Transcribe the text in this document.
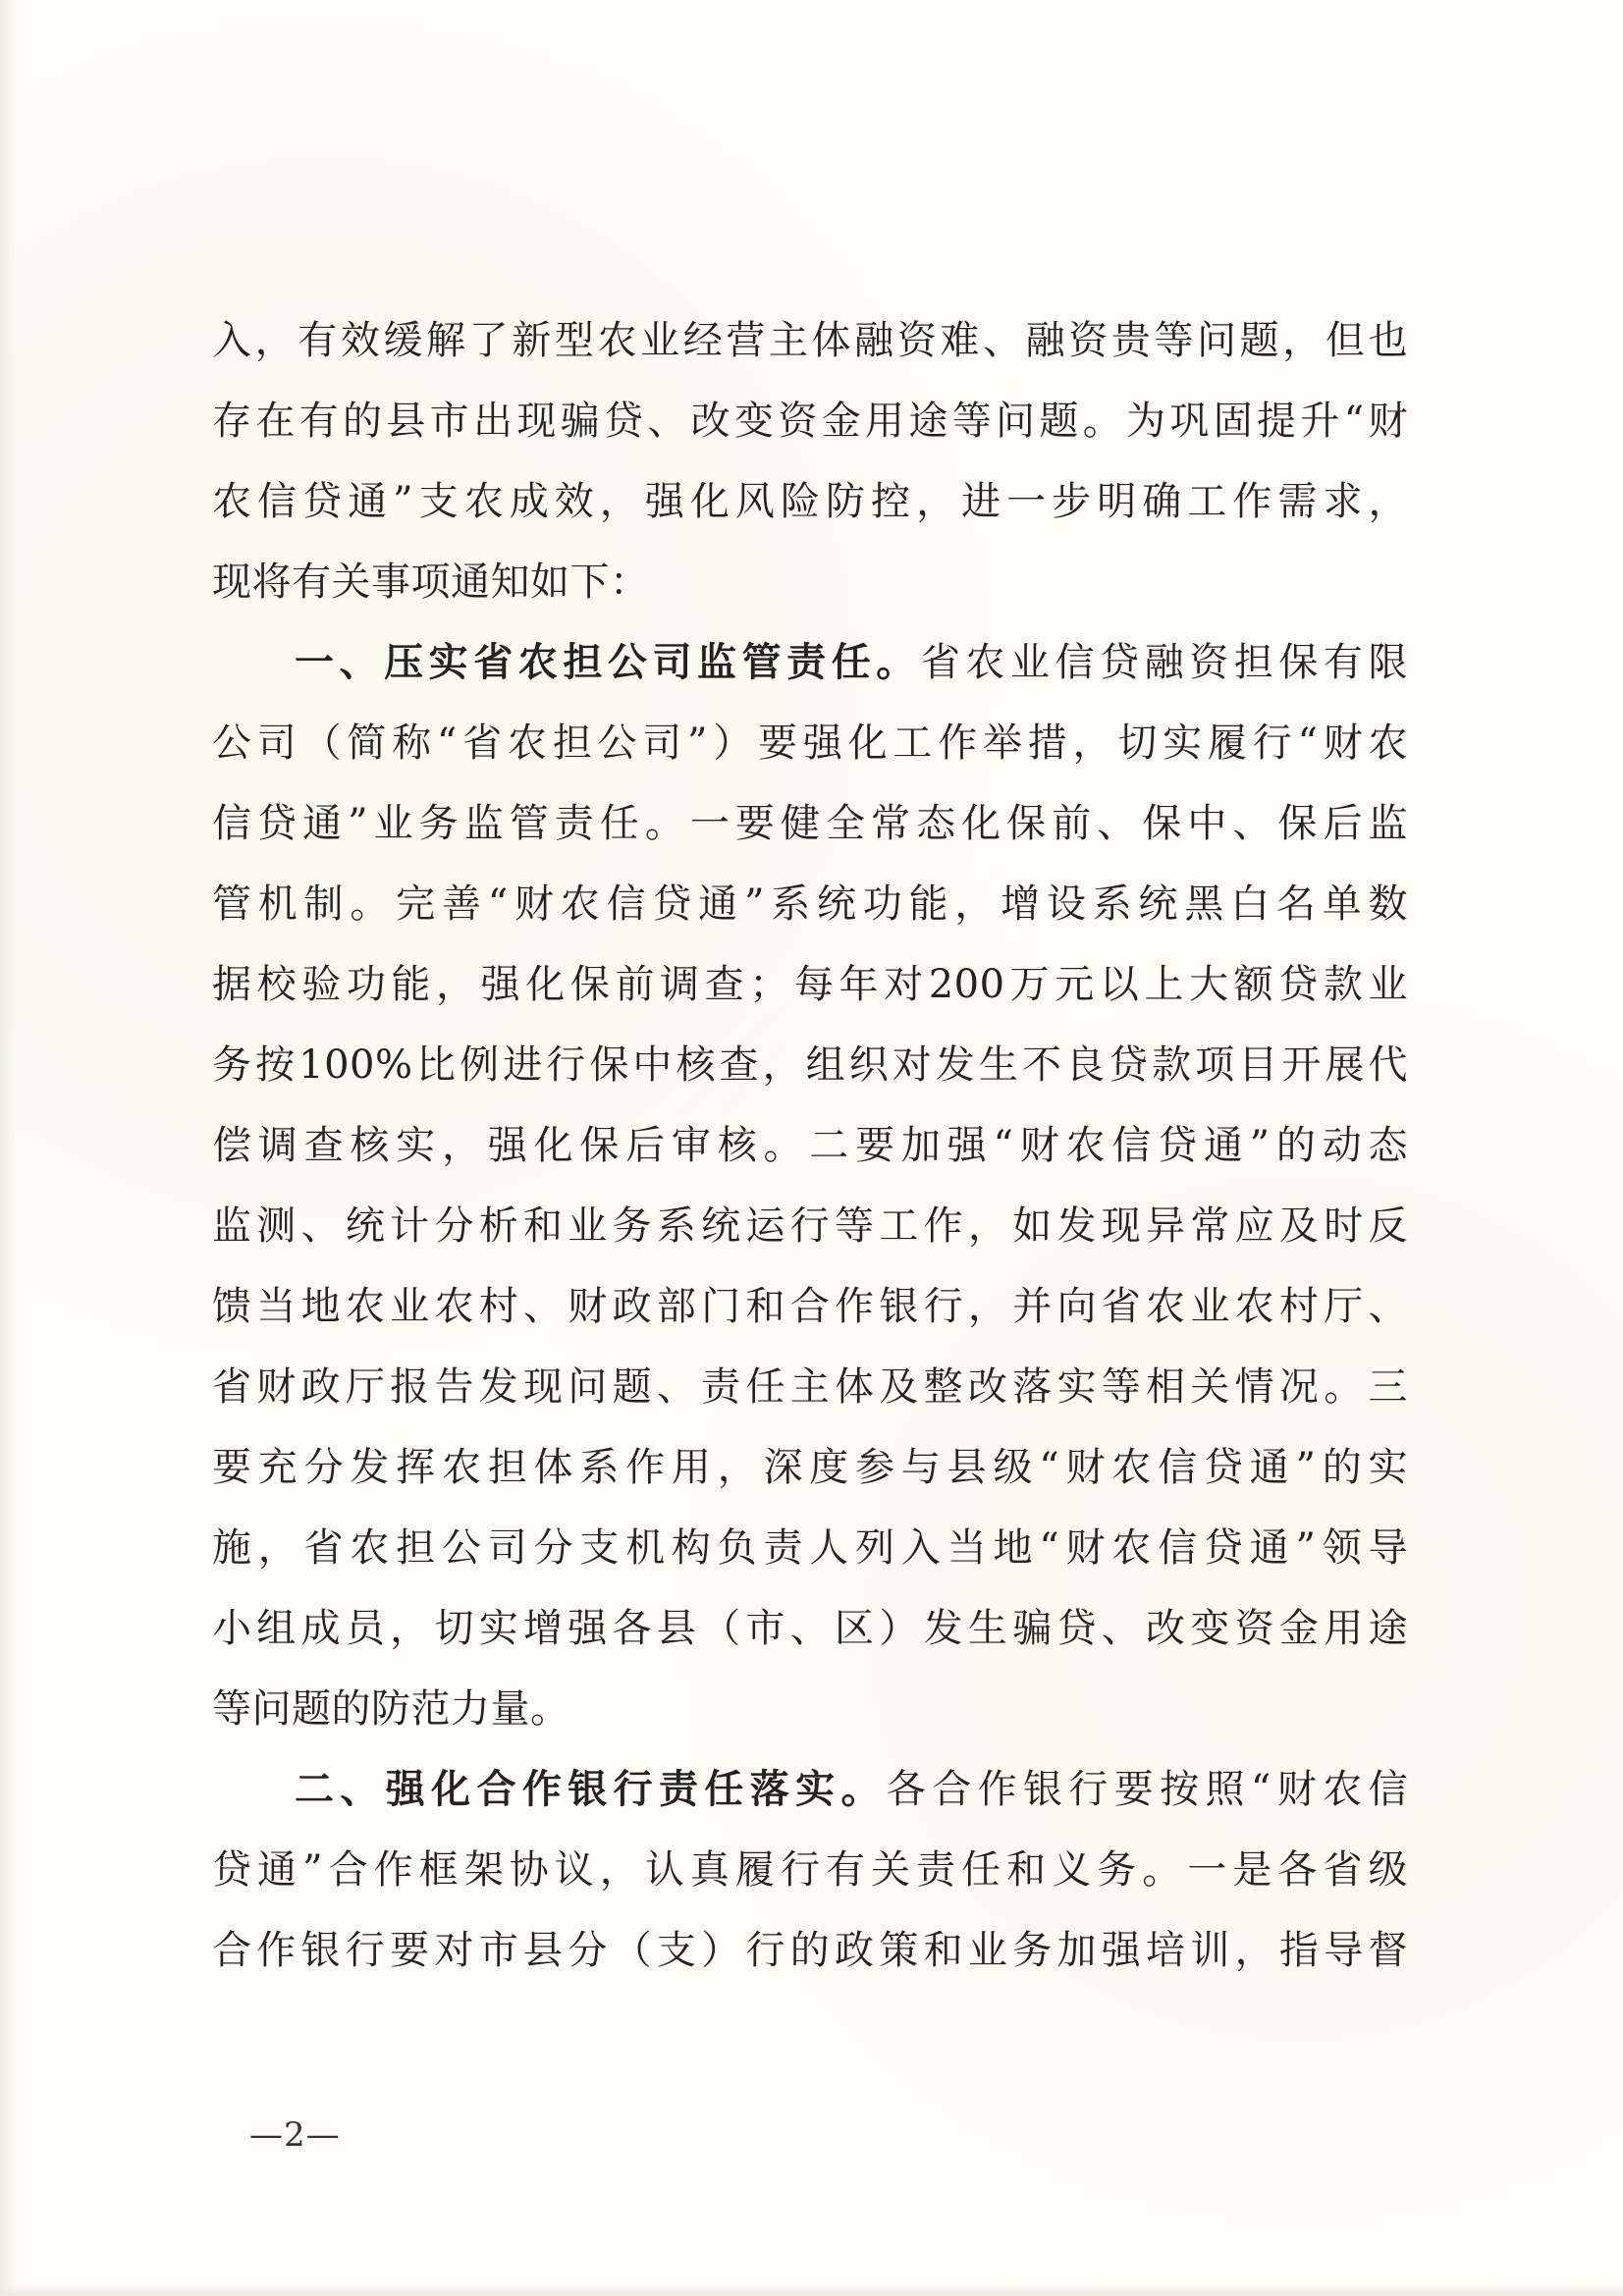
入，有效缓解了新型农业经营主体融资难、融资贵等问题，但也
存在有的县市出现骗贷、改变资金用途等问题。为巩固提升“财
农信贷通”支农成效，强化风险防控，进一步明确工作需求，
现将有关事项通知如下：
一、压实省农担公司监管责任。省农业信贷融资担保有限
公司（简称“省农担公司”）要强化工作举措，切实履行“财农
信贷通”业务监管责任。一要健全常态化保前、保中、保后监
管机制。完善“财农信贷通”系统功能，增设系统黑白名单数
据校验功能，强化保前调查；每年对200万元以上大额贷款业
务按100%比例进行保中核查，组织对发生不良贷款项目开展代
偿调查核实，强化保后审核。二要加强“财农信贷通”的动态
监测、统计分析和业务系统运行等工作，如发现异常应及时反
馈当地农业农村、财政部门和合作银行，并向省农业农村厅、
省财政厅报告发现问题、责任主体及整改落实等相关情况。三
要充分发挥农担体系作用，深度参与县级“财农信贷通”的实
施，省农担公司分支机构负责人列入当地“财农信贷通”领导
小组成员，切实增强各县（市、区）发生骗贷、改变资金用途
等问题的防范力量。
二、强化合作银行责任落实。各合作银行要按照“财农信
贷通”合作框架协议，认真履行有关责任和义务。一是各省级
合作银行要对市县分（支）行的政策和业务加强培训，指导督
—2—
